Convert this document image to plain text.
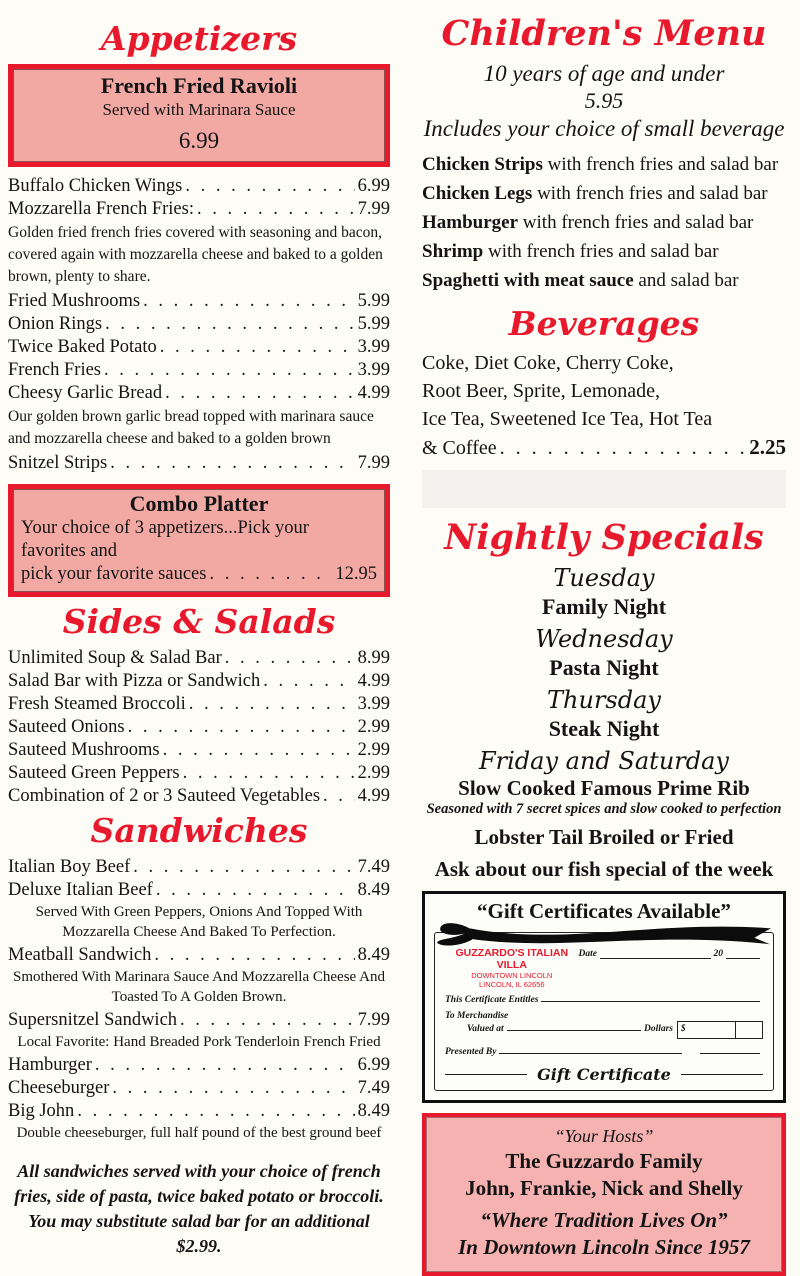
Appetizers
French Fried Ravioli
Served with Marinara Sauce
6.99
Buffalo Chicken Wings . . .	6.99
Mozzarella French Fries: . . .	7.99
Golden fried french fries covered with seasoning and bacon, covered again with mozzarella cheese and baked to a golden brown, plenty to share.
Fried Mushrooms . . .	5.99
Onion Rings . . .	5.99
Twice Baked Potato . . .	3.99
French Fries . . .	3.99
Cheesy Garlic Bread . . .	4.99
Our golden brown garlic bread topped with marinara sauce and mozzarella cheese and baked to a golden brown
Snitzel Strips . . .	7.99
Combo Platter
Your choice of 3 appetizers...Pick your favorites and
pick your favorite sauces . . .	12.95
Sides & Salads
Unlimited Soup & Salad Bar . . .	8.99
Salad Bar with Pizza or Sandwich . . .	4.99
Fresh Steamed Broccoli . . .	3.99
Sauteed Onions . . .	2.99
Sauteed Mushrooms . . .	2.99
Sauteed Green Peppers . . .	2.99
Combination of 2 or 3 Sauteed Vegetables . . . 4.99
Sandwiches
Italian Boy Beef . . .	7.49
Deluxe Italian Beef . . .	8.49
Served With Green Peppers, Onions And Topped With Mozzarella Cheese And Baked To Perfection.
Meatball Sandwich . . .	8.49
Smothered With Marinara Sauce And Mozzarella Cheese And Toasted To A Golden Brown.
Supersnitzel Sandwich . . .	7.99
Local Favorite: Hand Breaded Pork Tenderloin French Fried
Hamburger . . .	6.99
Cheeseburger . . .	7.49
Big John . . .	8.49
Double cheeseburger, full half pound of the best ground beef
All sandwiches served with your choice of french fries, side of pasta, twice baked potato or broccoli. You may substitute salad bar for an additional $2.99.
Children's Menu
10 years of age and under
5.95
Includes your choice of small beverage
Chicken Strips with french fries and salad bar
Chicken Legs with french fries and salad bar
Hamburger with french fries and salad bar
Shrimp with french fries and salad bar
Spaghetti with meat sauce and salad bar
Beverages
Coke, Diet Coke, Cherry Coke,
Root Beer, Sprite, Lemonade,
Ice Tea, Sweetened Ice Tea, Hot Tea
& Coffee . . .	2.25
Nightly Specials
Tuesday
Family Night
Wednesday
Pasta Night
Thursday
Steak Night
Friday and Saturday
Slow Cooked Famous Prime Rib
Seasoned with 7 secret spices and slow cooked to perfection
Lobster Tail Broiled or Fried
Ask about our fish special of the week
“Gift Certificates Available”
GUZZARDO'S ITALIAN VILLA
DOWNTOWN LINCOLN
LINCOLN, IL 62656
Date	20
This Certificate Entitles
To Merchandise
Valued at	Dollars $
Presented By
Gift Certificate
“Your Hosts”
The Guzzardo Family
John, Frankie, Nick and Shelly
“Where Tradition Lives On”
In Downtown Lincoln Since 1957
